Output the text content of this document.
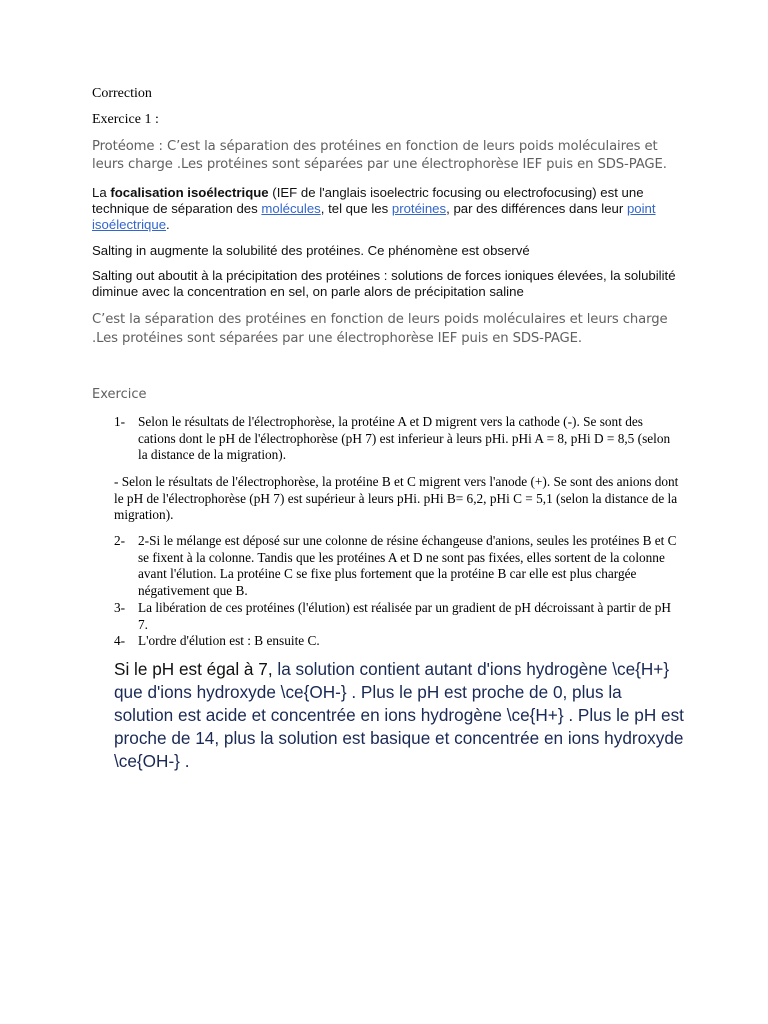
Correction

Exercice 1 :

Protéome : C’est la séparation des protéines en fonction de leurs poids moléculaires et leurs charge .Les protéines sont séparées par une électrophorèse IEF puis en SDS-PAGE.

La focalisation isoélectrique (IEF de l'anglais isoelectric focusing ou electrofocusing) est une technique de séparation des molécules, tel que les protéines, par des différences dans leur point isoélectrique.

Salting in augmente la solubilité des protéines. Ce phénomène est observé

Salting out aboutit à la précipitation des protéines : solutions de forces ioniques élevées, la solubilité diminue avec la concentration en sel, on parle alors de précipitation saline

C’est la séparation des protéines en fonction de leurs poids moléculaires et leurs charge .Les protéines sont séparées par une électrophorèse IEF puis en SDS-PAGE.

Exercice

1- Selon le résultats de l'électrophorèse, la protéine A et D migrent vers la cathode (-). Se sont des cations dont le pH de l'électrophorèse (pH 7) est inferieur à leurs pHi. pHi A = 8, pHi D = 8,5 (selon la distance de la migration).

- Selon le résultats de l'électrophorèse, la protéine B et C migrent vers l'anode (+). Se sont des anions dont le pH de l'électrophorèse (pH 7) est supérieur à leurs pHi. pHi B= 6,2, pHi C = 5,1 (selon la distance de la migration).

2- 2-Si le mélange est déposé sur une colonne de résine échangeuse d'anions, seules les protéines B et C se fixent à la colonne. Tandis que les protéines A et D ne sont pas fixées, elles sortent de la colonne avant l'élution. La protéine C se fixe plus fortement que la protéine B car elle est plus chargée négativement que B.
3- La libération de ces protéines (l'élution) est réalisée par un gradient de pH décroissant à partir de pH 7.
4- L'ordre d'élution est : B ensuite C.

Si le pH est égal à 7, la solution contient autant d'ions hydrogène \ce{H+} que d'ions hydroxyde \ce{OH-} . Plus le pH est proche de 0, plus la solution est acide et concentrée en ions hydrogène \ce{H+} . Plus le pH est proche de 14, plus la solution est basique et concentrée en ions hydroxyde \ce{OH-} .
